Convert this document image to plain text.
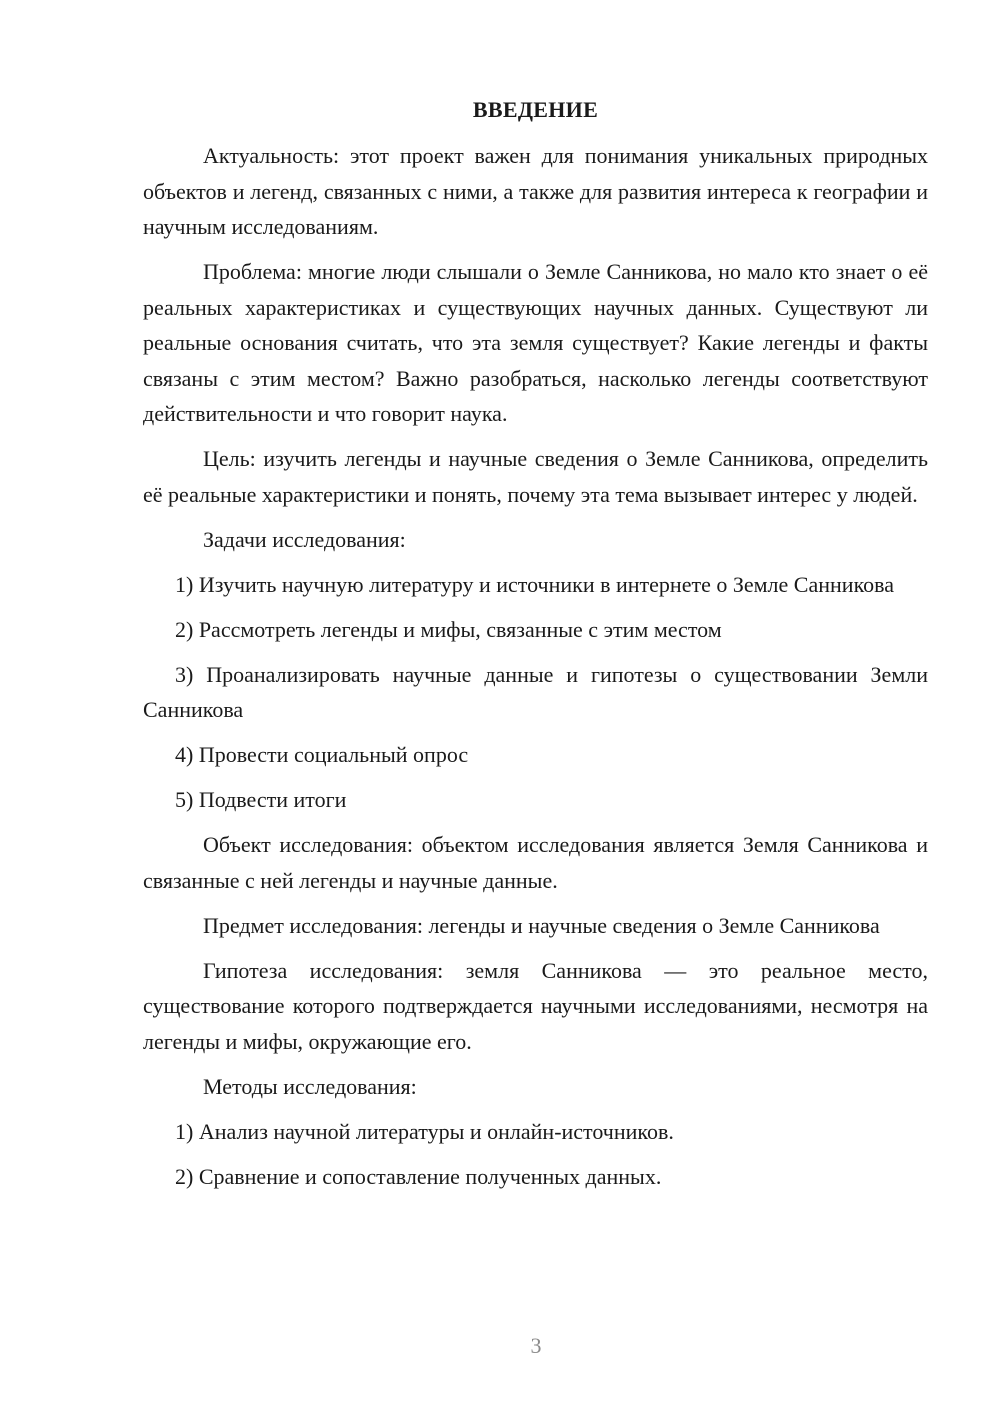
ВВЕДЕНИЕ

Актуальность: этот проект важен для понимания уникальных природных объектов и легенд, связанных с ними, а также для развития интереса к географии и научным исследованиям.

Проблема: многие люди слышали о Земле Санникова, но мало кто знает о её реальных характеристиках и существующих научных данных. Существуют ли реальные основания считать, что эта земля существует? Какие легенды и факты связаны с этим местом? Важно разобраться, насколько легенды соответствуют действительности и что говорит наука.

Цель: изучить легенды и научные сведения о Земле Санникова, определить её реальные характеристики и понять, почему эта тема вызывает интерес у людей.

Задачи исследования:

1) Изучить научную литературу и источники в интернете о Земле Санникова

2) Рассмотреть легенды и мифы, связанные с этим местом

3) Проанализировать научные данные и гипотезы о существовании Земли Санникова

4) Провести социальный опрос

5) Подвести итоги

Объект исследования: объектом исследования является Земля Санникова и связанные с ней легенды и научные данные.

Предмет исследования: легенды и научные сведения о Земле Санникова

Гипотеза исследования: земля Санникова — это реальное место, существование которого подтверждается научными исследованиями, несмотря на легенды и мифы, окружающие его.

Методы исследования:

1) Анализ научной литературы и онлайн-источников.

2) Сравнение и сопоставление полученных данных.

3
